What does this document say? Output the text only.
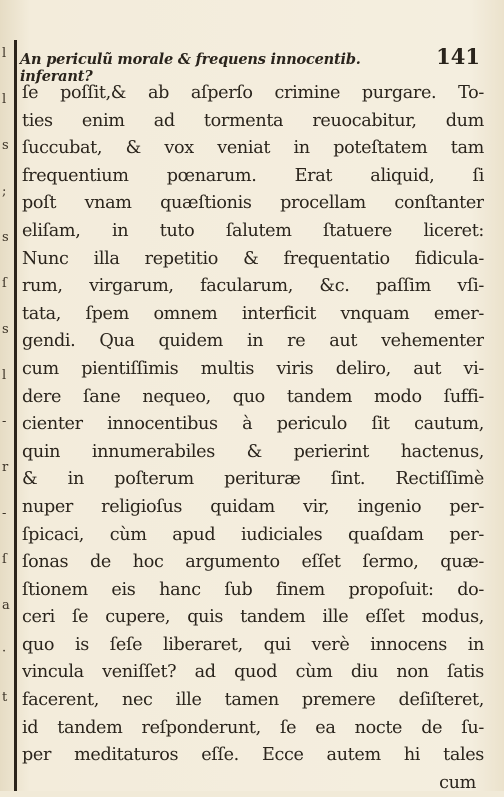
l
l
s
;
s
ſ
s
l
-
r
-
ſ
a
·
t
An periculũ morale & frequens innocentib. inferant?
141
ſe poſſit,& ab aſperſo crimine purgare. To-
ties enim ad tormenta reuocabitur, dum
ſuccubat, & vox veniat in poteſtatem tam
frequentium pœnarum. Erat aliquid, ſi
poſt vnam quæſtionis procellam conſtanter
eliſam, in tuto ſalutem ſtatuere liceret:
Nunc illa repetitio & frequentatio fidicula-
rum, virgarum, facularum, &c. paſſim vſi-
tata, ſpem omnem interficit vnquam emer-
gendi. Qua quidem in re aut vehementer
cum pientiſſimis multis viris deliro, aut vi-
dere ſane nequeo, quo tandem modo ſuffi-
cienter innocentibus à periculo ſit cautum,
quin innumerabiles & perierint hactenus,
& in poſterum perituræ ſint. Rectiſſimè
nuper religioſus quidam vir, ingenio per-
ſpicaci, cùm apud iudiciales quaſdam per-
ſonas de hoc argumento eſſet ſermo, quæ-
ſtionem eis hanc ſub finem propoſuit: do-
ceri ſe cupere, quis tandem ille eſſet modus,
quo is ſeſe liberaret, qui verè innocens in
vincula veniſſet? ad quod cùm diu non ſatis
facerent, nec ille tamen premere deſiſteret,
id tandem reſponderunt, ſe ea nocte de ſu-
per meditaturos eſſe. Ecce autem hi tales
cum
